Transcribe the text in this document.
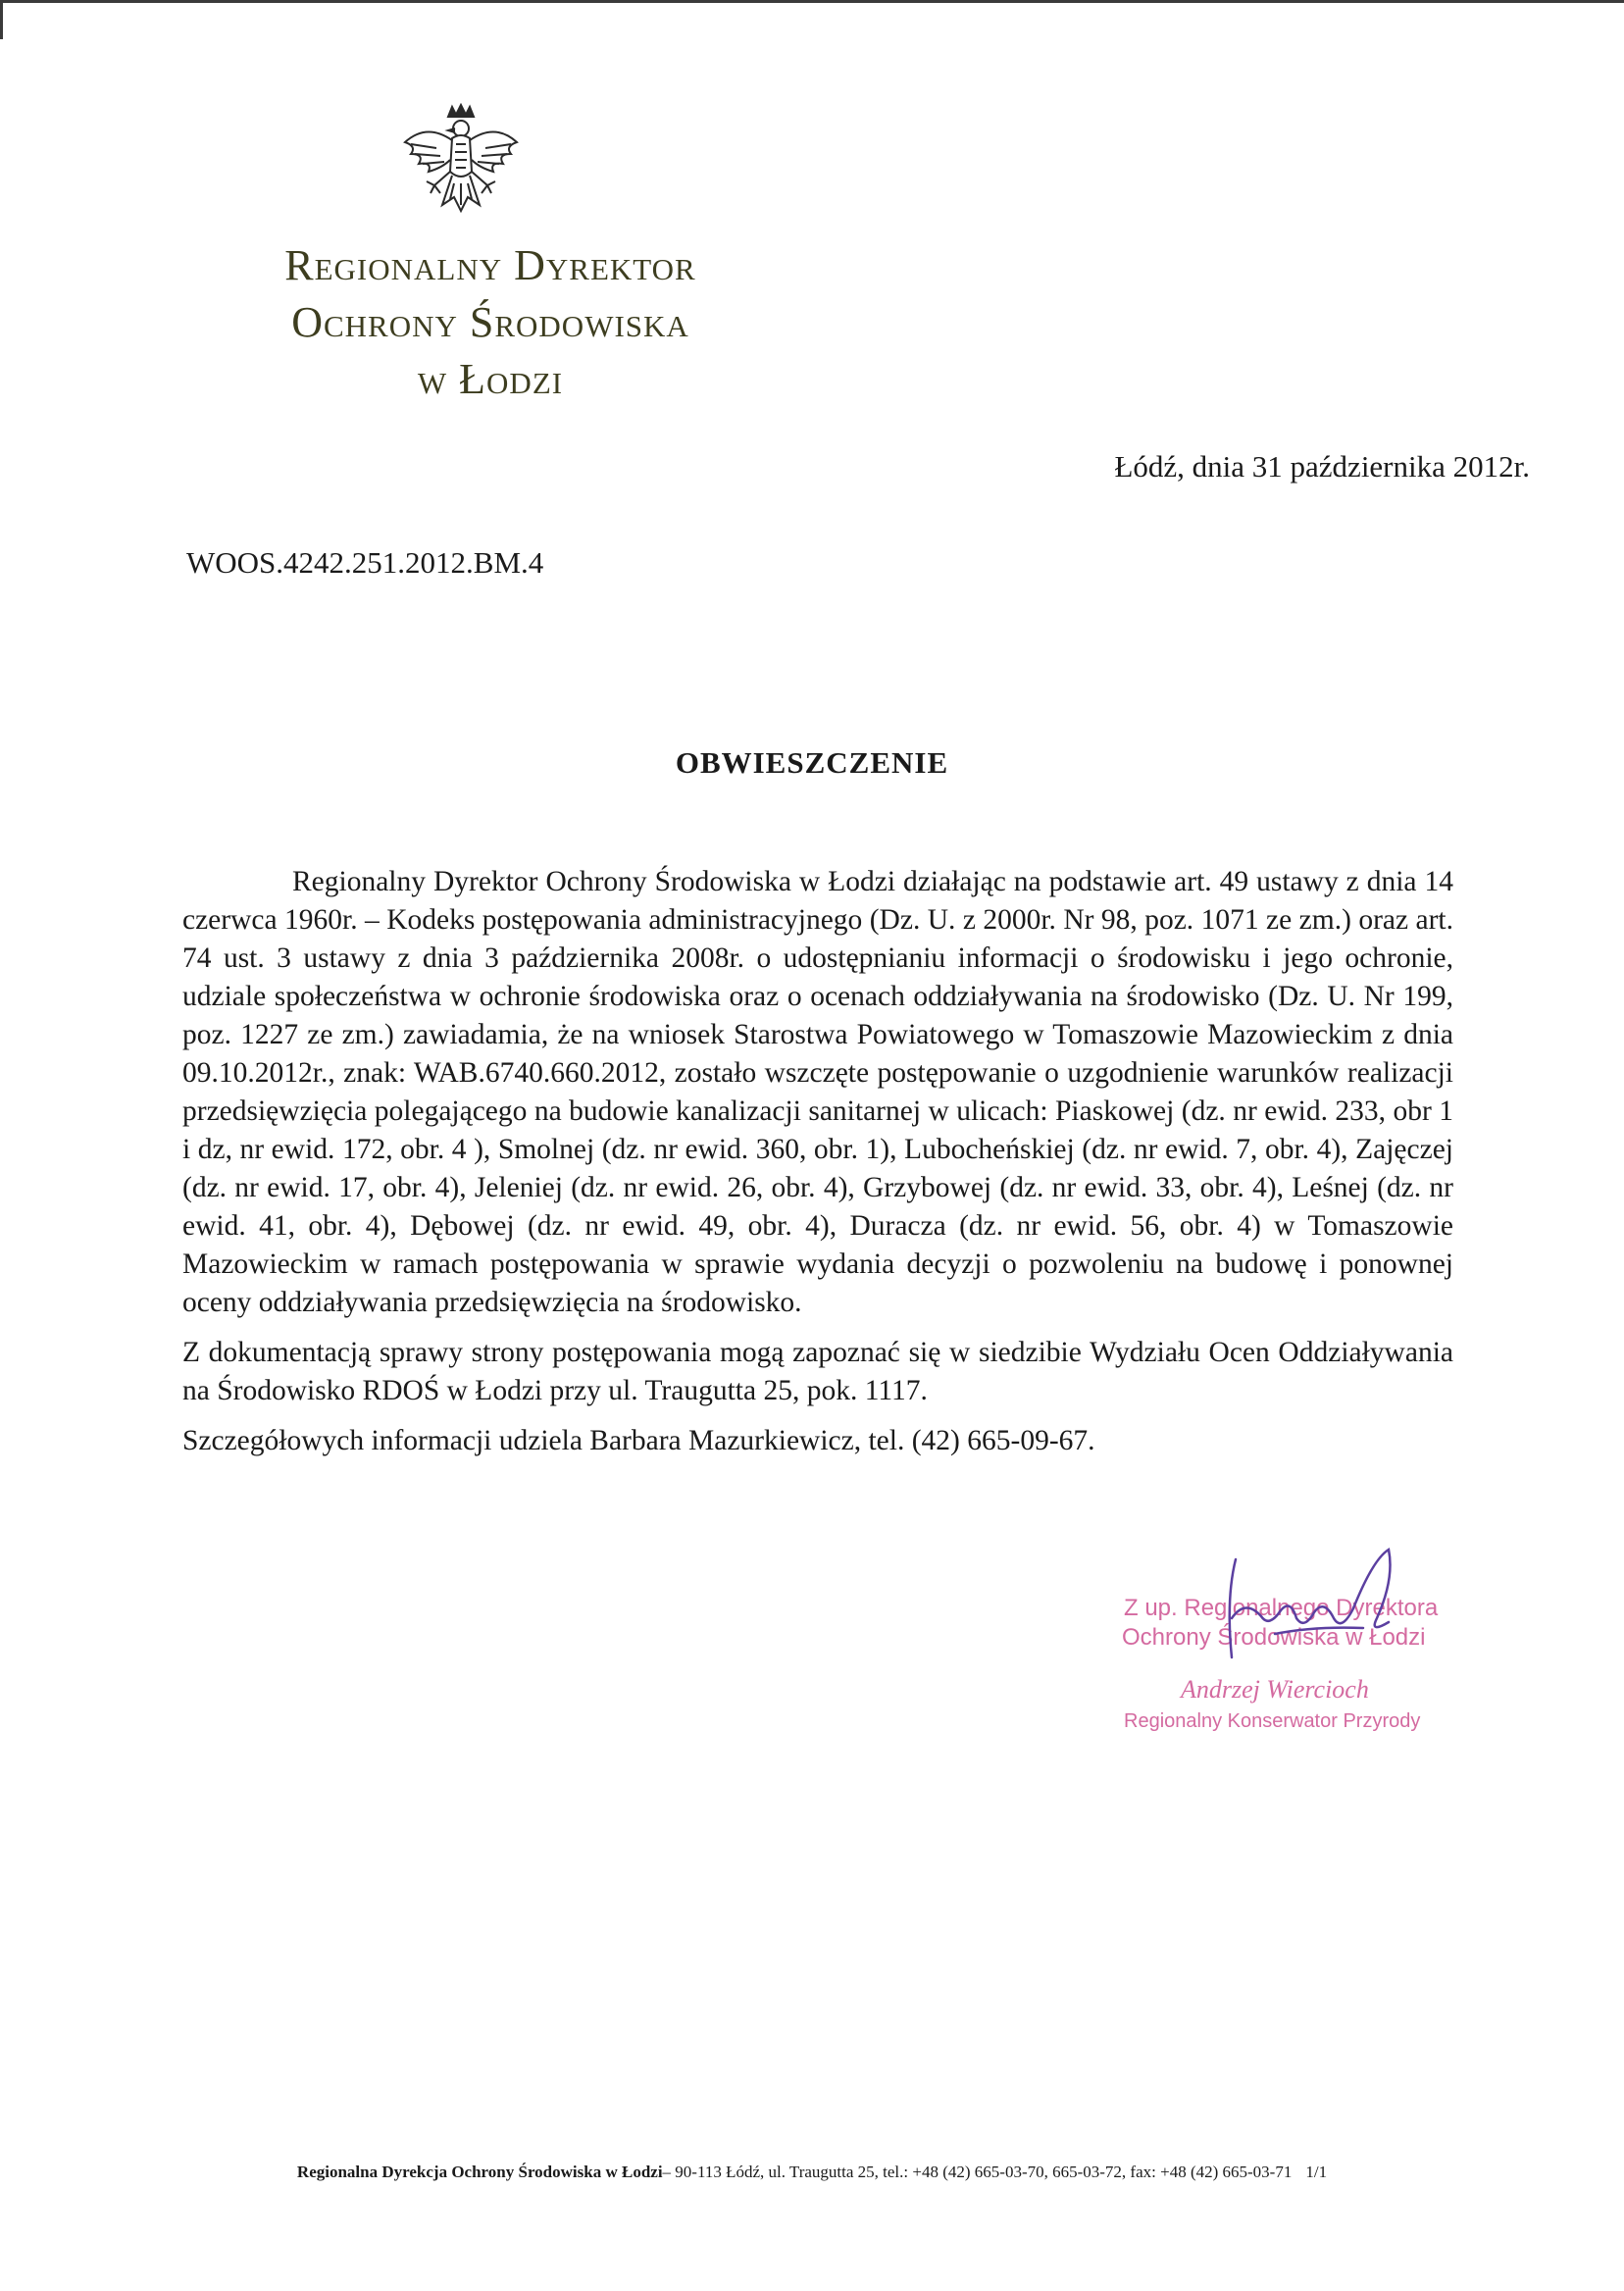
Regionalny Dyrektor
Ochrony Środowiska
w Łodzi
Łódź, dnia 31 października 2012r.
WOOS.4242.251.2012.BM.4
OBWIESZCZENIE

Regionalny Dyrektor Ochrony Środowiska w Łodzi działając na podstawie art. 49 ustawy z dnia 14 czerwca 1960r. – Kodeks postępowania administracyjnego (Dz. U. z 2000r. Nr 98, poz. 1071 ze zm.) oraz art. 74 ust. 3 ustawy z dnia 3 października 2008r. o udostępnianiu informacji o środowisku i jego ochronie, udziale społeczeństwa w ochronie środowiska oraz o ocenach oddziaływania na środowisko (Dz. U. Nr 199, poz. 1227 ze zm.) zawiadamia, że na wniosek Starostwa Powiatowego w Tomaszowie Mazowieckim z dnia 09.10.2012r., znak: WAB.6740.660.2012, zostało wszczęte postępowanie o uzgodnienie warunków realizacji przedsięwzięcia polegającego na budowie kanalizacji sanitarnej w ulicach: Piaskowej (dz. nr ewid. 233, obr 1 i dz, nr ewid. 172, obr. 4 ), Smolnej (dz. nr ewid. 360, obr. 1), Lubocheńskiej (dz. nr ewid. 7, obr. 4), Zajęczej (dz. nr ewid. 17, obr. 4), Jeleniej (dz. nr ewid. 26, obr. 4), Grzybowej (dz. nr ewid. 33, obr. 4), Leśnej (dz. nr ewid. 41, obr. 4), Dębowej (dz. nr ewid. 49, obr. 4), Duracza (dz. nr ewid. 56, obr. 4) w Tomaszowie Mazowieckim w ramach postępowania w sprawie wydania decyzji o pozwoleniu na budowę i ponownej oceny oddziaływania przedsięwzięcia na środowisko.

Z dokumentacją sprawy strony postępowania mogą zapoznać się w siedzibie Wydziału Ocen Oddziaływania na Środowisko RDOŚ w Łodzi przy ul. Traugutta 25, pok. 1117.

Szczegółowych informacji udziela Barbara Mazurkiewicz, tel. (42) 665-09-67.

Z up. Regionalnego Dyrektora
Ochrony Środowiska w Łodzi
Andrzej Wiercioch
Regionalny Konserwator Przyrody
Regionalna Dyrekcja Ochrony Środowiska w Łodzi– 90-113 Łódź, ul. Traugutta 25, tel.: +48 (42) 665-03-70, 665-03-72, fax: +48 (42) 665-03-71 1/1
